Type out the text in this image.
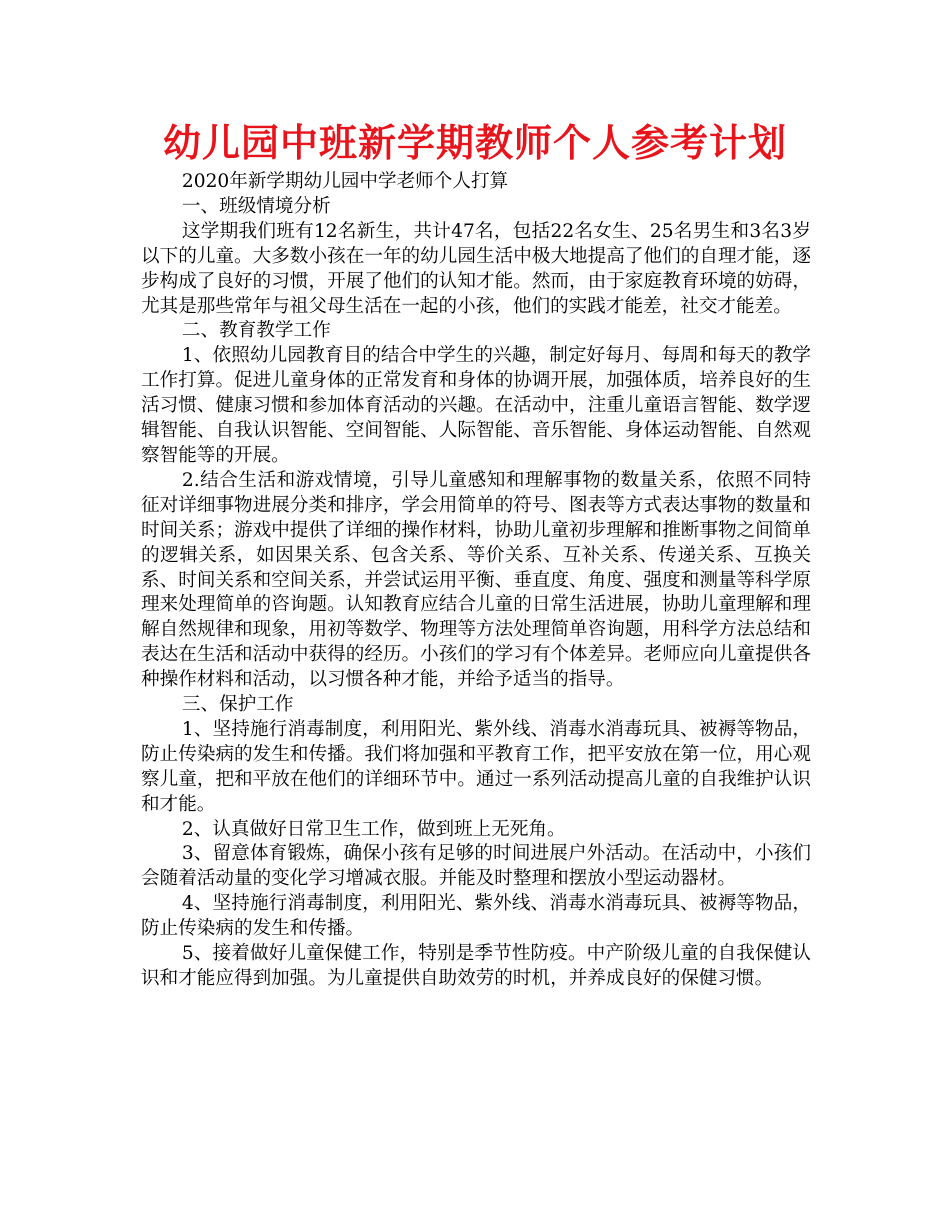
幼儿园中班新学期教师个人参考计划

2020年新学期幼儿园中学老师个人打算

一、班级情境分析

这学期我们班有12名新生，共计47名，包括22名女生、25名男生和3名3岁以下的儿童。大多数小孩在一年的幼儿园生活中极大地提高了他们的自理才能，逐步构成了良好的习惯，开展了他们的认知才能。然而，由于家庭教育环境的妨碍，尤其是那些常年与祖父母生活在一起的小孩，他们的实践才能差，社交才能差。

二、教育教学工作

1、依照幼儿园教育目的结合中学生的兴趣，制定好每月、每周和每天的教学工作打算。促进儿童身体的正常发育和身体的协调开展，加强体质，培养良好的生活习惯、健康习惯和参加体育活动的兴趣。在活动中，注重儿童语言智能、数学逻辑智能、自我认识智能、空间智能、人际智能、音乐智能、身体运动智能、自然观察智能等的开展。

2.结合生活和游戏情境，引导儿童感知和理解事物的数量关系，依照不同特征对详细事物进展分类和排序，学会用简单的符号、图表等方式表达事物的数量和时间关系；游戏中提供了详细的操作材料，协助儿童初步理解和推断事物之间简单的逻辑关系，如因果关系、包含关系、等价关系、互补关系、传递关系、互换关系、时间关系和空间关系，并尝试运用平衡、垂直度、角度、强度和测量等科学原理来处理简单的咨询题。认知教育应结合儿童的日常生活进展，协助儿童理解和理解自然规律和现象，用初等数学、物理等方法处理简单咨询题，用科学方法总结和表达在生活和活动中获得的经历。小孩们的学习有个体差异。老师应向儿童提供各种操作材料和活动，以习惯各种才能，并给予适当的指导。

三、保护工作

1、坚持施行消毒制度，利用阳光、紫外线、消毒水消毒玩具、被褥等物品，防止传染病的发生和传播。我们将加强和平教育工作，把平安放在第一位，用心观察儿童，把和平放在他们的详细环节中。通过一系列活动提高儿童的自我维护认识和才能。

2、认真做好日常卫生工作，做到班上无死角。

3、留意体育锻炼，确保小孩有足够的时间进展户外活动。在活动中，小孩们会随着活动量的变化学习增减衣服。并能及时整理和摆放小型运动器材。

4、坚持施行消毒制度，利用阳光、紫外线、消毒水消毒玩具、被褥等物品，防止传染病的发生和传播。

5、接着做好儿童保健工作，特别是季节性防疫。中产阶级儿童的自我保健认识和才能应得到加强。为儿童提供自助效劳的时机，并养成良好的保健习惯。
